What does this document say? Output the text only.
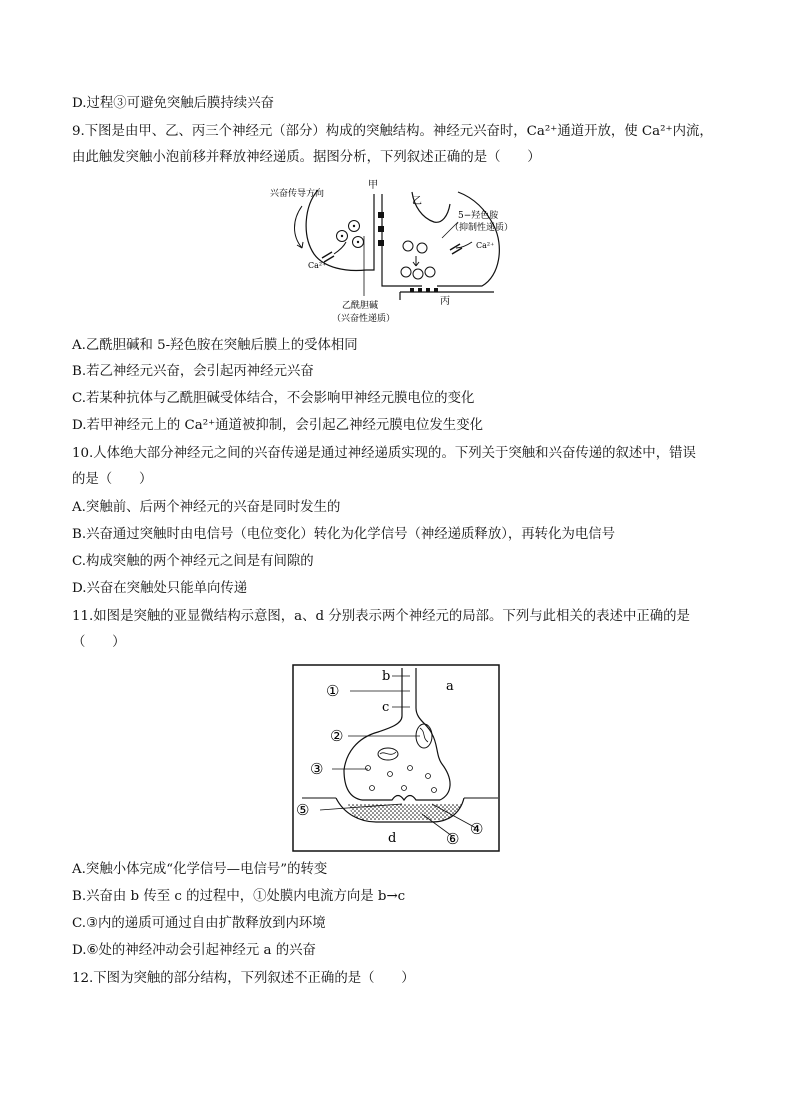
D.过程③可避免突触后膜持续兴奋
9.下图是由甲、乙、丙三个神经元（部分）构成的突触结构。神经元兴奋时，Ca²⁺通道开放，使 Ca²⁺内流，
由此触发突触小泡前移并释放神经递质。据图分析，下列叙述正确的是（　　）
甲
乙
丙
兴奋传导方向
5−羟色胺
（抑制性递质）
Ca²⁺
Ca²⁺
乙酰胆碱
（兴奋性递质）
A.乙酰胆碱和 5-羟色胺在突触后膜上的受体相同
B.若乙神经元兴奋，会引起丙神经元兴奋
C.若某种抗体与乙酰胆碱受体结合，不会影响甲神经元膜电位的变化
D.若甲神经元上的 Ca²⁺通道被抑制，会引起乙神经元膜电位发生变化
10.人体绝大部分神经元之间的兴奋传递是通过神经递质实现的。下列关于突触和兴奋传递的叙述中，错误
的是（　　）
A.突触前、后两个神经元的兴奋是同时发生的
B.兴奋通过突触时由电信号（电位变化）转化为化学信号（神经递质释放），再转化为电信号
C.构成突触的两个神经元之间是有间隙的
D.兴奋在突触处只能单向传递
11.如图是突触的亚显微结构示意图，a、d 分别表示两个神经元的局部。下列与此相关的表述中正确的是
（　　）
①
b
a
c
②
③
⑤
④
⑥
d
A.突触小体完成“化学信号—电信号”的转变
B.兴奋由 b 传至 c 的过程中，①处膜内电流方向是 b→c
C.③内的递质可通过自由扩散释放到内环境
D.⑥处的神经冲动会引起神经元 a 的兴奋
12.下图为突触的部分结构，下列叙述不正确的是（　　）
